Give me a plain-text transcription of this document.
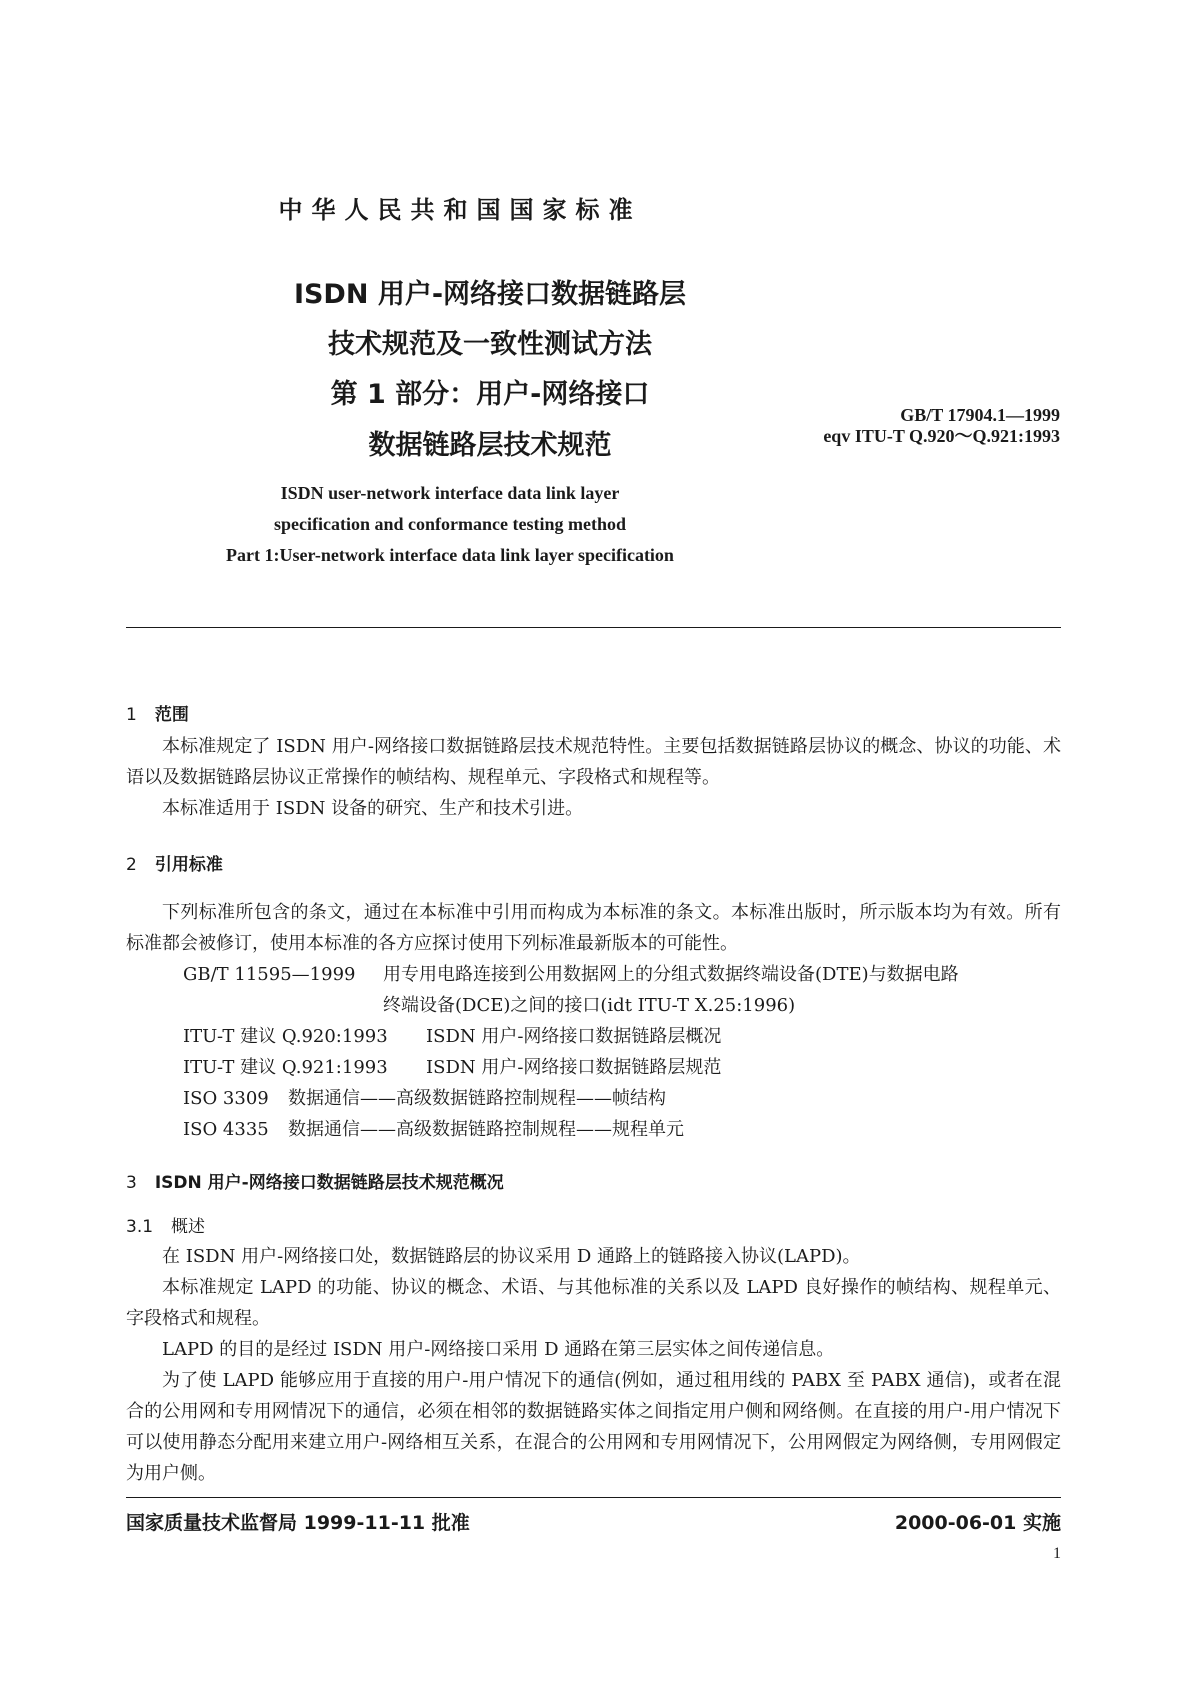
中华人民共和国国家标准
ISDN 用户-网络接口数据链路层
技术规范及一致性测试方法
第 1 部分：用户-网络接口
数据链路层技术规范
GB/T 17904.1—1999
eqv ITU-T Q.920～Q.921:1993
ISDN user-network interface data link layer
specification and conformance testing method
Part 1:User-network interface data link layer specification
1 范围
本标准规定了 ISDN 用户-网络接口数据链路层技术规范特性。主要包括数据链路层协议的概念、协议的功能、术语以及数据链路层协议正常操作的帧结构、规程单元、字段格式和规程等。
本标准适用于 ISDN 设备的研究、生产和技术引进。
2 引用标准
下列标准所包含的条文，通过在本标准中引用而构成为本标准的条文。本标准出版时，所示版本均为有效。所有标准都会被修订，使用本标准的各方应探讨使用下列标准最新版本的可能性。
GB/T 11595—1999 用专用电路连接到公用数据网上的分组式数据终端设备(DTE)与数据电路
终端设备(DCE)之间的接口(idt ITU-T X.25:1996)
ITU-T 建议 Q.920:1993 ISDN 用户-网络接口数据链路层概况
ITU-T 建议 Q.921:1993 ISDN 用户-网络接口数据链路层规范
ISO 3309 数据通信——高级数据链路控制规程——帧结构
ISO 4335 数据通信——高级数据链路控制规程——规程单元
3 ISDN 用户-网络接口数据链路层技术规范概况
3.1 概述
在 ISDN 用户-网络接口处，数据链路层的协议采用 D 通路上的链路接入协议(LAPD)。
本标准规定 LAPD 的功能、协议的概念、术语、与其他标准的关系以及 LAPD 良好操作的帧结构、规程单元、字段格式和规程。
LAPD 的目的是经过 ISDN 用户-网络接口采用 D 通路在第三层实体之间传递信息。
为了使 LAPD 能够应用于直接的用户-用户情况下的通信(例如，通过租用线的 PABX 至 PABX 通信)，或者在混合的公用网和专用网情况下的通信，必须在相邻的数据链路实体之间指定用户侧和网络侧。在直接的用户-用户情况下可以使用静态分配用来建立用户-网络相互关系，在混合的公用网和专用网情况下，公用网假定为网络侧，专用网假定为用户侧。
国家质量技术监督局 1999-11-11 批准	2000-06-01 实施
1
